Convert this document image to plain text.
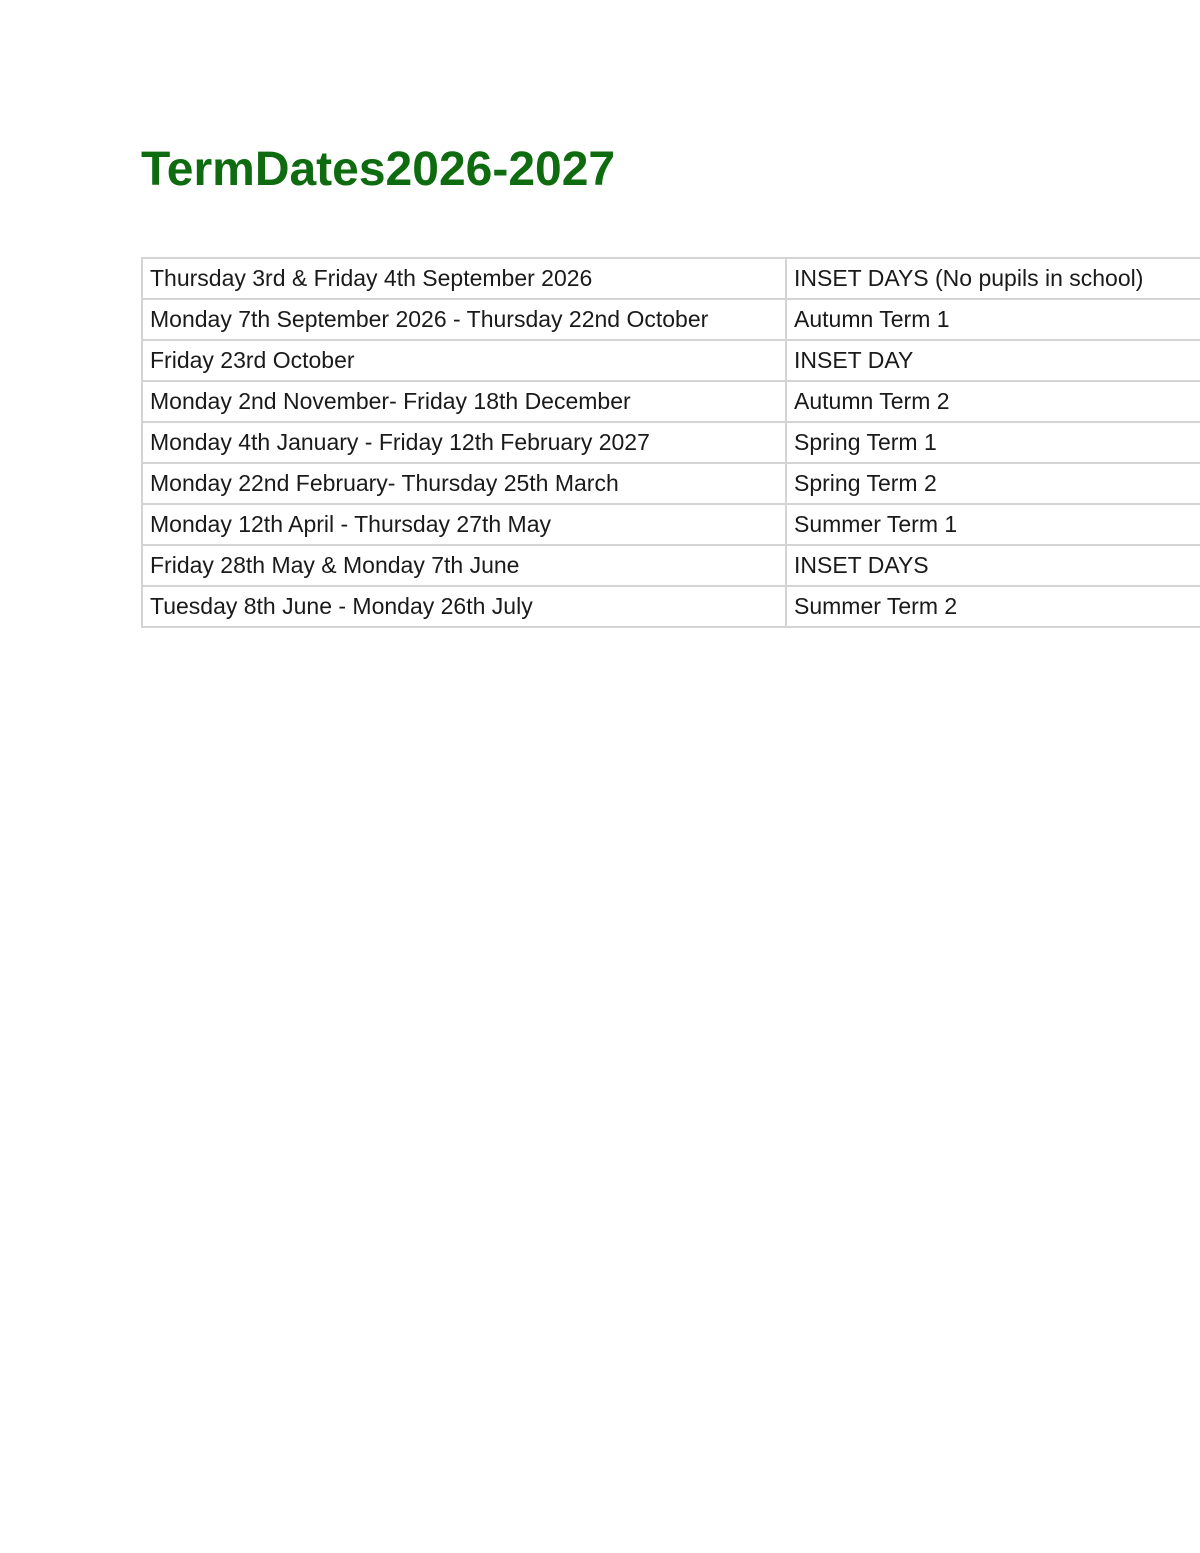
TermDates2026-2027
Thursday 3rd & Friday 4th September 2026	INSET DAYS (No pupils in school)
Monday 7th September 2026 - Thursday 22nd October	Autumn Term 1
Friday 23rd October	INSET DAY
Monday 2nd November- Friday 18th December	Autumn Term 2
Monday 4th January - Friday 12th February 2027	Spring Term 1
Monday 22nd February- Thursday 25th March	Spring Term 2
Monday 12th April - Thursday 27th May	Summer Term 1
Friday 28th May & Monday 7th June	INSET DAYS
Tuesday 8th June - Monday 26th July	Summer Term 2
